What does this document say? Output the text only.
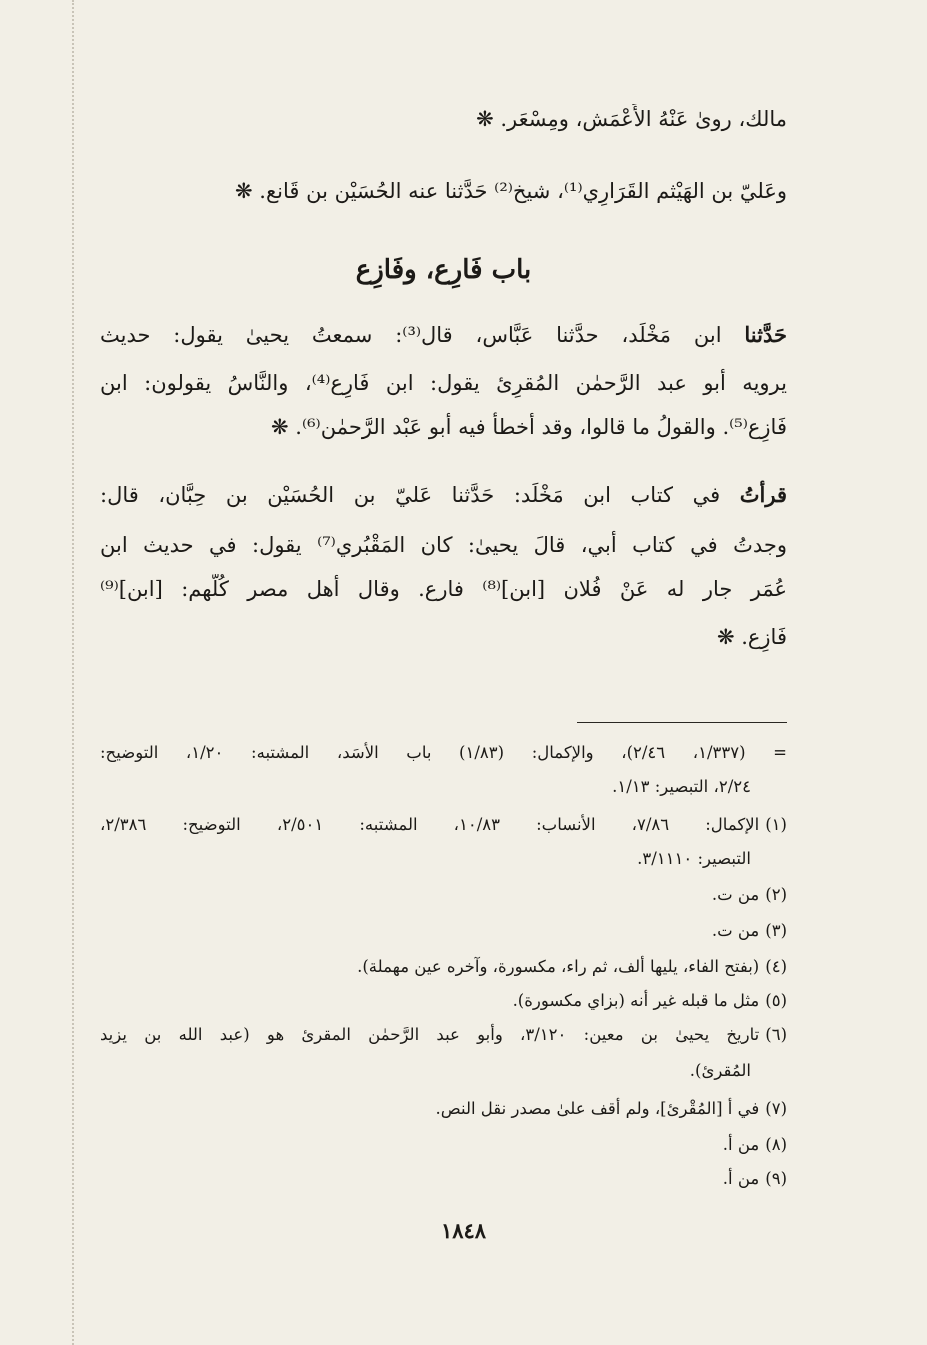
مالك، روىٰ عَنْهُ الأَعْمَش، ومِسْعَر. ❋
وعَليّ بن الهَيْثم القَرَارِي⁽¹⁾، شيخ⁽²⁾ حَدَّثنا عنه الحُسَيْن بن قَانع. ❋
باب فَارِع، وفَازِع
حَدَّثنا ابن مَخْلَد، حدَّثنا عَبَّاس، قال⁽³⁾: سمعتُ يحيىٰ يقول: حديث
يرويه أبو عبد الرَّحمٰن المُقرِئ يقول: ابن فَارِع⁽⁴⁾، والنَّاسُ يقولون: ابن
فَازِع⁽⁵⁾. والقولُ ما قالوا، وقد أخطأ فيه أبو عَبْد الرَّحمٰن⁽⁶⁾. ❋
قرأتُ في كتاب ابن مَخْلَد: حَدَّثنا عَليّ بن الحُسَيْن بن حِبَّان، قال:
وجدتُ في كتاب أبي، قالَ يحيىٰ: كان المَقْبُري⁽⁷⁾ يقول: في حديث ابن
عُمَر جار له عَنْ فُلان [ابن]⁽⁸⁾ فارع. وقال أهل مصر كُلّهم: [ابن]⁽⁹⁾
فَازِع. ❋
= (١/٣٣٧، ٢/٤٦)، والإكمال: (١/٨٣) باب الأسَد، المشتبه: ١/٢٠، التوضيح:
٢/٢٤، التبصير: ١/١٣.
(١)الإكمال: ٧/٨٦، الأنساب: ١٠/٨٣، المشتبه: ٢/٥٠١، التوضيح: ٢/٣٨٦،
التبصير: ٣/١١١٠.
(٢)من ت.
(٣)من ت.
(٤)(بفتح الفاء، يليها ألف، ثم راء، مكسورة، وآخره عين مهملة).
(٥)مثل ما قبله غير أنه (بزاي مكسورة).
(٦)تاريخ يحيىٰ بن معين: ٣/١٢٠، وأبو عبد الرَّحمٰن المقرئ هو (عبد الله بن يزيد
المُقرئ).
(٧)في أ [المُقْرئ]، ولم أقف علىٰ مصدر نقل النص.
(٨)من أ.
(٩)من أ.
١٨٤٨
